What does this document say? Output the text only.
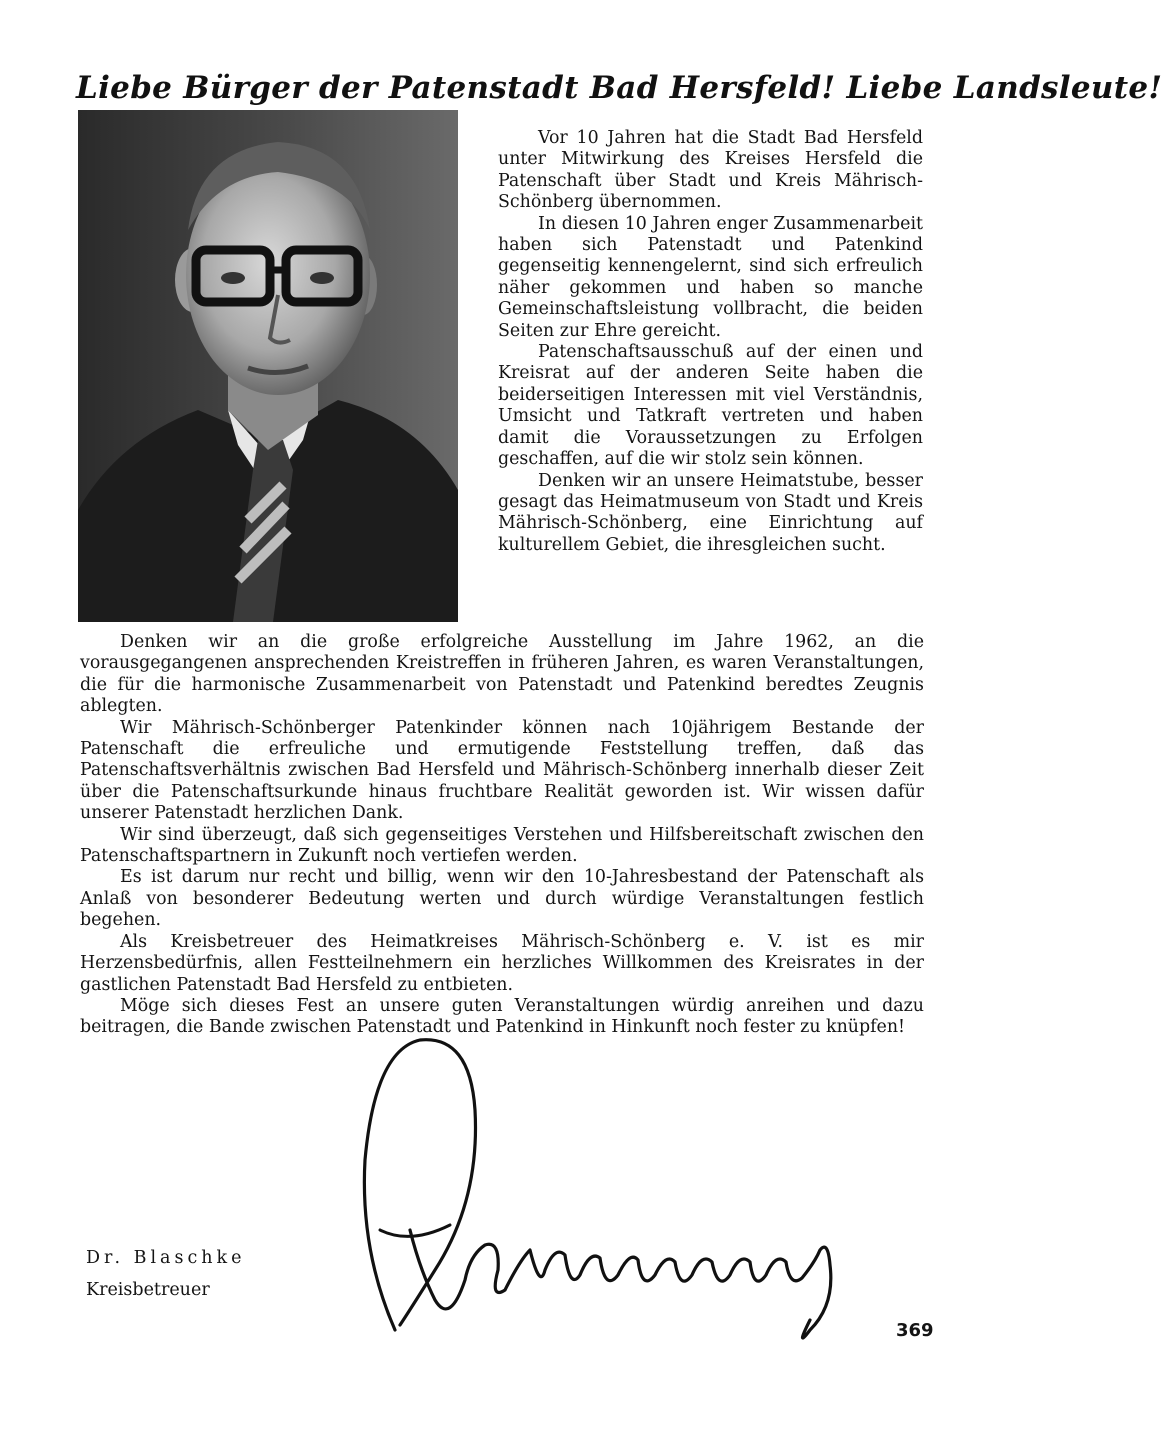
Liebe Bürger der Patenstadt Bad Hersfeld! Liebe Landsleute!

Vor 10 Jahren hat die Stadt Bad Hersfeld unter Mitwirkung des Kreises Hersfeld die Patenschaft über Stadt und Kreis Mährisch-Schönberg übernommen.

In diesen 10 Jahren enger Zusammenarbeit haben sich Patenstadt und Patenkind gegenseitig kennengelernt, sind sich erfreulich näher gekommen und haben so manche Gemeinschaftsleistung vollbracht, die beiden Seiten zur Ehre gereicht.

Patenschaftsausschuß auf der einen und Kreisrat auf der anderen Seite haben die beiderseitigen Interessen mit viel Verständnis, Umsicht und Tatkraft vertreten und haben damit die Voraussetzungen zu Erfolgen geschaffen, auf die wir stolz sein können.

Denken wir an unsere Heimatstube, besser gesagt das Heimatmuseum von Stadt und Kreis Mährisch-Schönberg, eine Einrichtung auf kulturellem Gebiet, die ihresgleichen sucht.

Denken wir an die große erfolgreiche Ausstellung im Jahre 1962, an die vorausgegangenen ansprechenden Kreistreffen in früheren Jahren, es waren Veranstaltungen, die für die harmonische Zusammenarbeit von Patenstadt und Patenkind beredtes Zeugnis ablegten.

Wir Mährisch-Schönberger Patenkinder können nach 10jährigem Bestande der Patenschaft die erfreuliche und ermutigende Feststellung treffen, daß das Patenschaftsverhältnis zwischen Bad Hersfeld und Mährisch-Schönberg innerhalb dieser Zeit über die Patenschaftsurkunde hinaus fruchtbare Realität geworden ist. Wir wissen dafür unserer Patenstadt herzlichen Dank.

Wir sind überzeugt, daß sich gegenseitiges Verstehen und Hilfsbereitschaft zwischen den Patenschaftspartnern in Zukunft noch vertiefen werden.

Es ist darum nur recht und billig, wenn wir den 10-Jahresbestand der Patenschaft als Anlaß von besonderer Bedeutung werten und durch würdige Veranstaltungen festlich begehen.

Als Kreisbetreuer des Heimatkreises Mährisch-Schönberg e. V. ist es mir Herzensbedürfnis, allen Festteilnehmern ein herzliches Willkommen des Kreisrates in der gastlichen Patenstadt Bad Hersfeld zu entbieten.

Möge sich dieses Fest an unsere guten Veranstaltungen würdig anreihen und dazu beitragen, die Bande zwischen Patenstadt und Patenkind in Hinkunft noch fester zu knüpfen!

Dr. Blaschke
Kreisbetreuer
369
